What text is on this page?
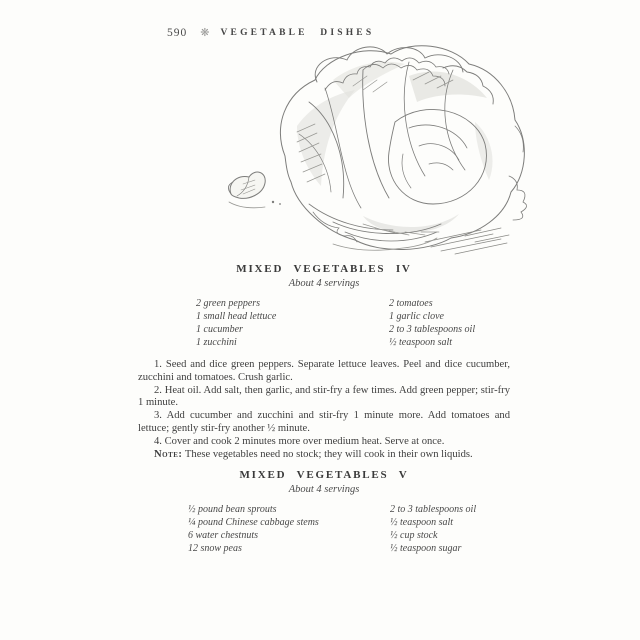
590 ❋ VEGETABLE DISHES
MIXED VEGETABLES IV
About 4 servings
2 green peppers
1 small head lettuce
1 cucumber
1 zucchini
2 tomatoes
1 garlic clove
2 to 3 tablespoons oil
½ teaspoon salt

1. Seed and dice green peppers. Separate lettuce leaves. Peel and dice cucumber, zucchini and tomatoes. Crush garlic.

2. Heat oil. Add salt, then garlic, and stir-fry a few times. Add green pepper; stir-fry 1 minute.

3. Add cucumber and zucchini and stir-fry 1 minute more. Add tomatoes and lettuce; gently stir-fry another ½ minute.

4. Cover and cook 2 minutes more over medium heat. Serve at once.

Note: These vegetables need no stock; they will cook in their own liquids.

MIXED VEGETABLES V
About 4 servings
½ pound bean sprouts
¼ pound Chinese cabbage stems
6 water chestnuts
12 snow peas
2 to 3 tablespoons oil
½ teaspoon salt
½ cup stock
½ teaspoon sugar
